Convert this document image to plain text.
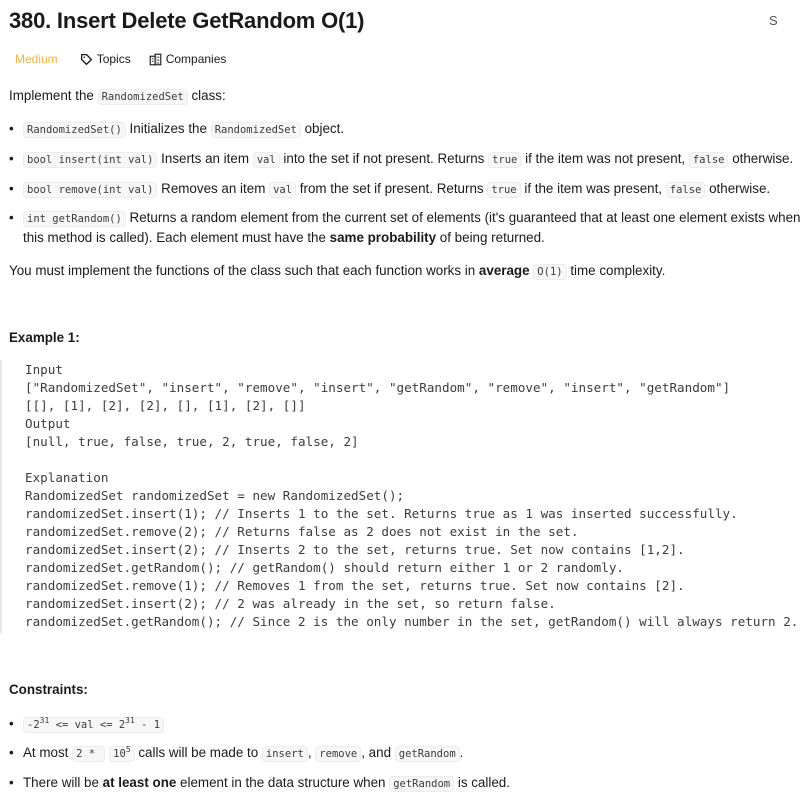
380. Insert Delete GetRandom O(1)
Medium	Topics	Companies
Implement the RandomizedSet class:
•	RandomizedSet() Initializes the RandomizedSet object.
•	bool insert(int val) Inserts an item val into the set if not present. Returns true if the item was not present, false otherwise.
•	bool remove(int val) Removes an item val from the set if present. Returns true if the item was present, false otherwise.
•	int getRandom() Returns a random element from the current set of elements (it's guaranteed that at least one element exists when
this method is called). Each element must have the same probability of being returned.
You must implement the functions of the class such that each function works in average O(1) time complexity.
Example 1:
Input
["RandomizedSet", "insert", "remove", "insert", "getRandom", "remove", "insert", "getRandom"]
[[], [1], [2], [2], [], [1], [2], []]
Output
[null, true, false, true, 2, true, false, 2]
Explanation
RandomizedSet randomizedSet = new RandomizedSet();
randomizedSet.insert(1); // Inserts 1 to the set. Returns true as 1 was inserted successfully.
randomizedSet.remove(2); // Returns false as 2 does not exist in the set.
randomizedSet.insert(2); // Inserts 2 to the set, returns true. Set now contains [1,2].
randomizedSet.getRandom(); // getRandom() should return either 1 or 2 randomly.
randomizedSet.remove(1); // Removes 1 from the set, returns true. Set now contains [2].
randomizedSet.insert(2); // 2 was already in the set, so return false.
randomizedSet.getRandom(); // Since 2 is the only number in the set, getRandom() will always return 2.
Constraints:
•	$-2^{31}$ <= val <= $2^{31} - 1$
• At most $2 * 10^5$ calls will be made to insert , remove , and getRandom .
• There will be at least one element in the data structure when getRandom is called.
S
